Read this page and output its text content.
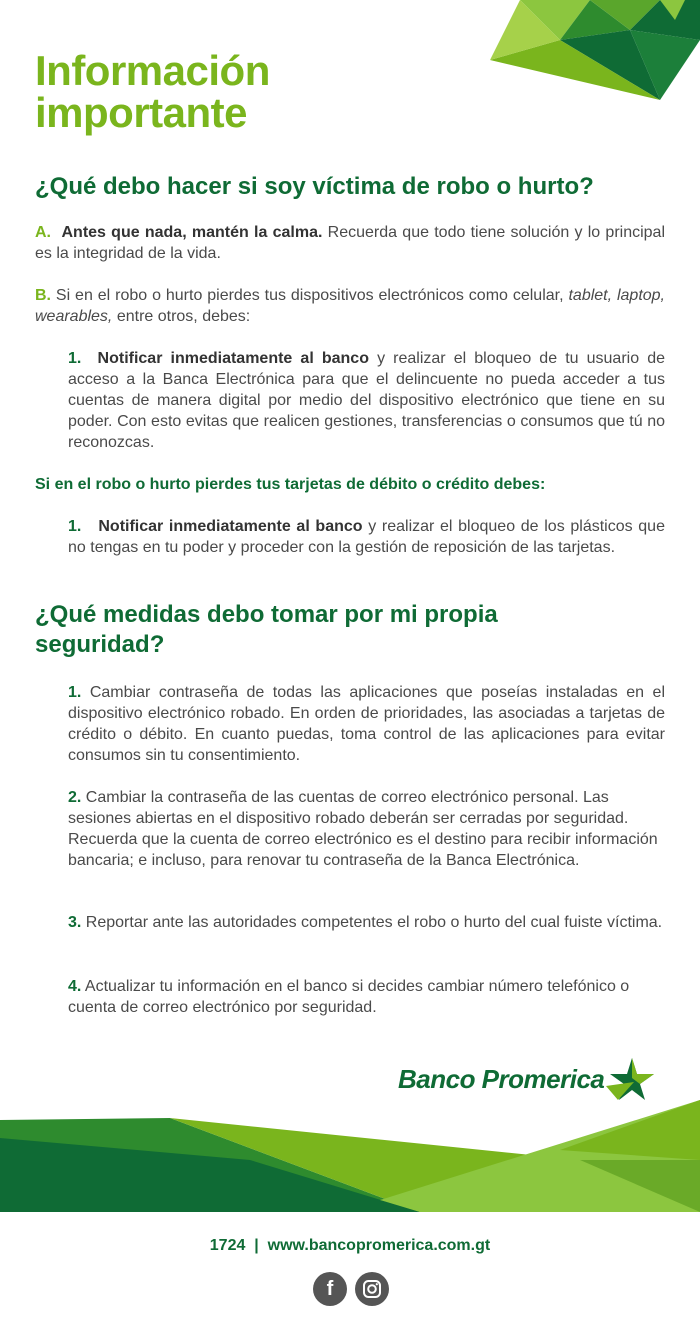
Información
importante
¿Qué debo hacer si soy víctima de robo o hurto?

A. Antes que nada, mantén la calma. Recuerda que todo tiene solución y lo principal es la integridad de la vida.

B. Si en el robo o hurto pierdes tus dispositivos electrónicos como celular, tablet, laptop, wearables, entre otros, debes:

1. Notificar inmediatamente al banco y realizar el bloqueo de tu usuario de acceso a la Banca Electrónica para que el delincuente no pueda acceder a tus cuentas de manera digital por medio del dispositivo electrónico que tiene en su poder. Con esto evitas que realicen gestiones, transferencias o consumos que tú no reconozcas.

Si en el robo o hurto pierdes tus tarjetas de débito o crédito debes:

1. Notificar inmediatamente al banco y realizar el bloqueo de los plásticos que no tengas en tu poder y proceder con la gestión de reposición de las tarjetas.

¿Qué medidas debo tomar por mi propia
seguridad?

1. Cambiar contraseña de todas las aplicaciones que poseías instaladas en el dispositivo electrónico robado. En orden de prioridades, las asociadas a tarjetas de crédito o débito. En cuanto puedas, toma control de las aplicaciones para evitar consumos sin tu consentimiento.

2. Cambiar la contraseña de las cuentas de correo electrónico personal. Las sesiones abiertas en el dispositivo robado deberán ser cerradas por seguridad. Recuerda que la cuenta de correo electrónico es el destino para recibir información bancaria; e incluso, para renovar tu contraseña de la Banca Electrónica.

3. Reportar ante las autoridades competentes el robo o hurto del cual fuiste víctima.

4. Actualizar tu información en el banco si decides cambiar número telefónico o cuenta de correo electrónico por seguridad.

Banco Promerica
1724 | www.bancopromerica.com.gt
f
